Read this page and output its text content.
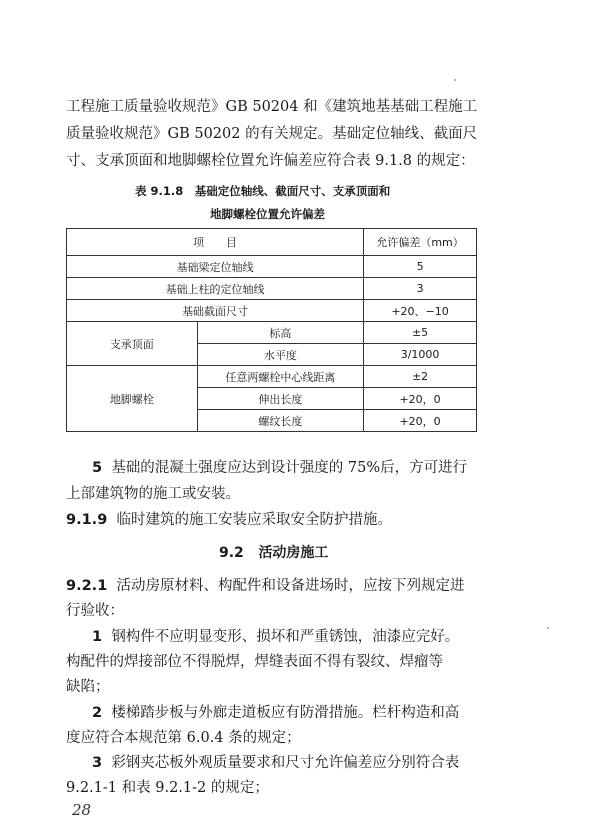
工程施工质量验收规范》GB 50204 和《建筑地基基础工程施工
质量验收规范》GB 50202 的有关规定。基础定位轴线、截面尺
寸、支承顶面和地脚螺栓位置允许偏差应符合表 9.1.8 的规定：
表 9.1.8　基础定位轴线、截面尺寸、支承顶面和
地脚螺栓位置允许偏差
项　　目		允许偏差（mm）
基础梁定位轴线		5
基础上柱的定位轴线		3
基础截面尺寸		+20、−10
支承顶面	标高	±5
	水平度	3/1000
地脚螺栓	任意两螺栓中心线距离	±2
	伸出长度	+20，0
	螺纹长度	+20，0
5 基础的混凝土强度应达到设计强度的 75%后，方可进行
上部建筑物的施工或安装。
9.1.9 临时建筑的施工安装应采取安全防护措施。
9.2 活动房施工
9.2.1 活动房原材料、构配件和设备进场时，应按下列规定进
行验收：
1 钢构件不应明显变形、损坏和严重锈蚀，油漆应完好。
构配件的焊接部位不得脱焊，焊缝表面不得有裂纹、焊瘤等
缺陷；
2 楼梯踏步板与外廊走道板应有防滑措施。栏杆构造和高
度应符合本规范第 6.0.4 条的规定；
3 彩钢夹芯板外观质量要求和尺寸允许偏差应分别符合表
9.2.1-1 和表 9.2.1-2 的规定；
28
